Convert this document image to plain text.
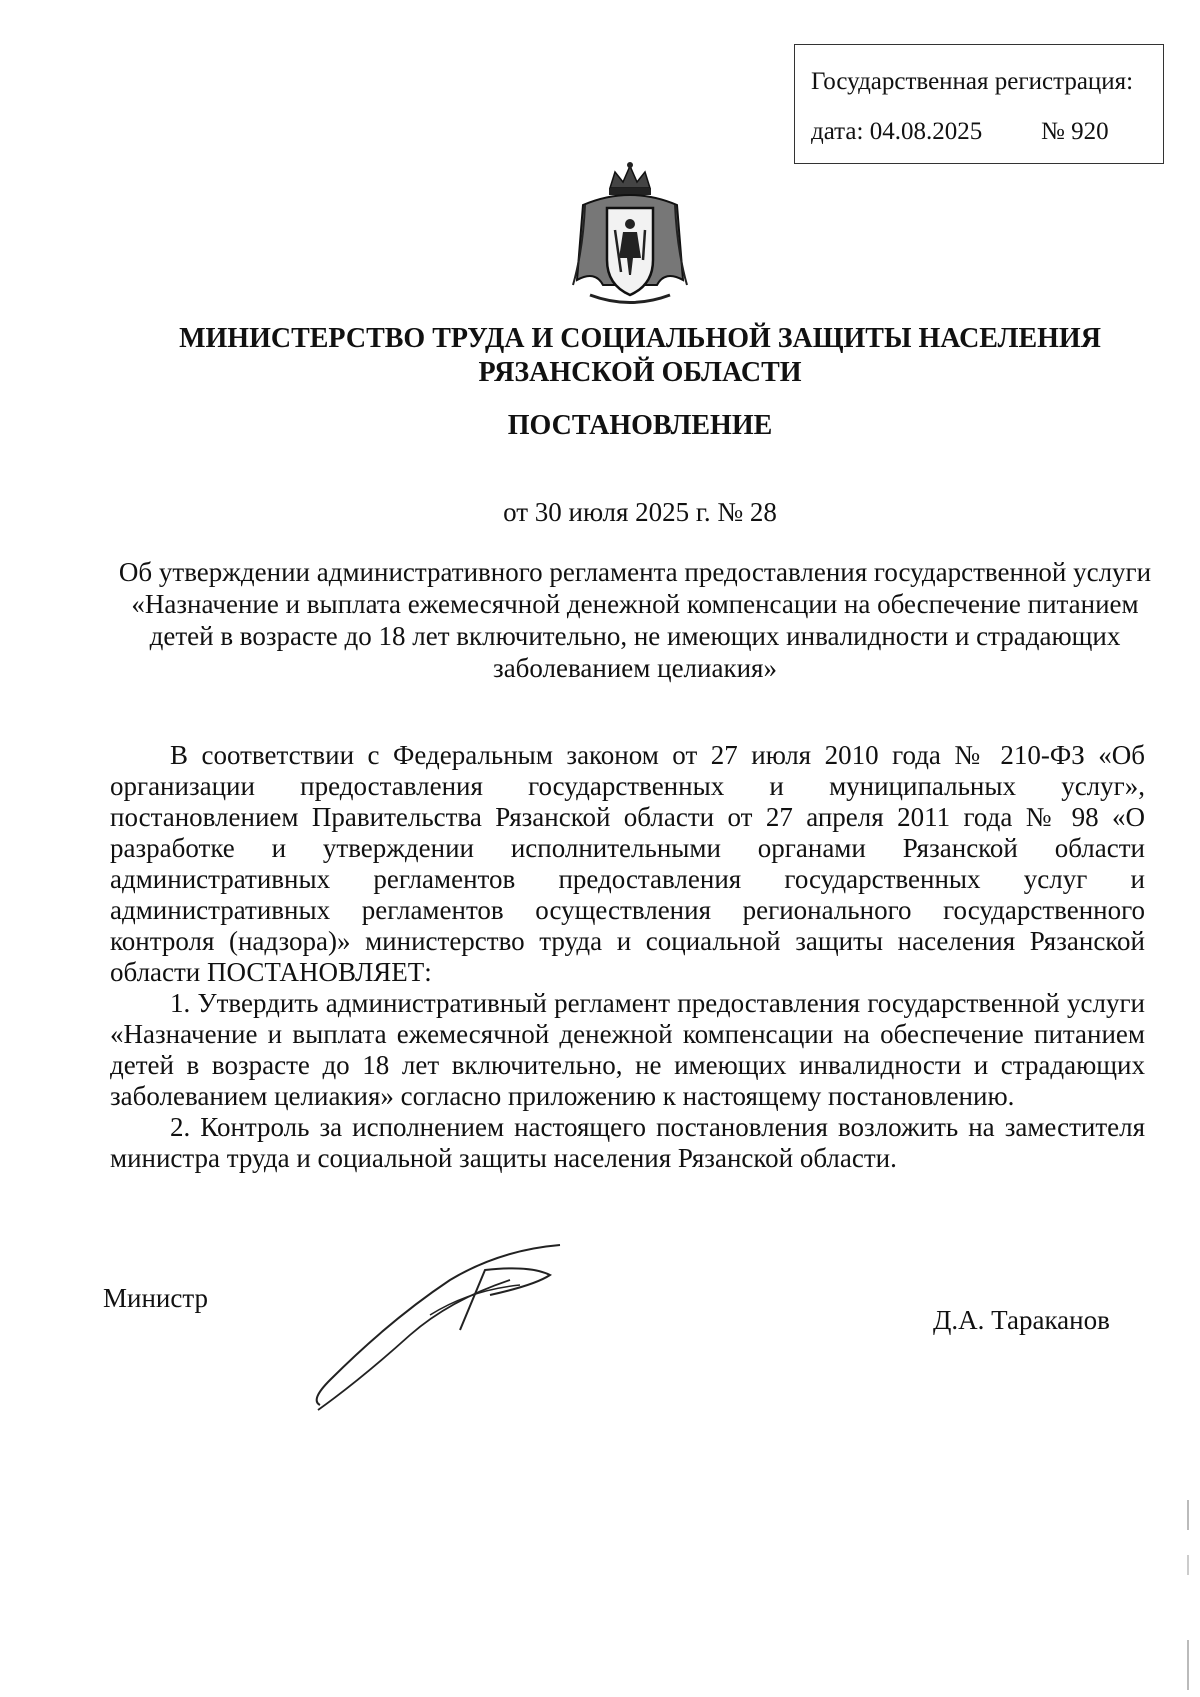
Государственная регистрация:
дата: 04.08.2025 № 920
МИНИСТЕРСТВО ТРУДА И СОЦИАЛЬНОЙ ЗАЩИТЫ НАСЕЛЕНИЯ
РЯЗАНСКОЙ ОБЛАСТИ
ПОСТАНОВЛЕНИЕ
от 30 июля 2025 г. № 28
Об утверждении административного регламента предоставления государственной услуги «Назначение и выплата ежемесячной денежной компенсации на обеспечение питанием детей в возрасте до 18 лет включительно, не имеющих инвалидности и страдающих заболеванием целиакия»

В соответствии с Федеральным законом от 27 июля 2010 года № 210-ФЗ «Об организации предоставления государственных и муниципальных услуг», постановлением Правительства Рязанской области от 27 апреля 2011 года № 98 «О разработке и утверждении исполнительными органами Рязанской области административных регламентов предоставления государственных услуг и административных регламентов осуществления регионального государственного контроля (надзора)» министерство труда и социальной защиты населения Рязанской области ПОСТАНОВЛЯЕТ:

1. Утвердить административный регламент предоставления государственной услуги «Назначение и выплата ежемесячной денежной компенсации на обеспечение питанием детей в возрасте до 18 лет включительно, не имеющих инвалидности и страдающих заболеванием целиакия» согласно приложению к настоящему постановлению.

2. Контроль за исполнением настоящего постановления возложить на заместителя министра труда и социальной защиты населения Рязанской области.

Министр
Д.А. Тараканов
